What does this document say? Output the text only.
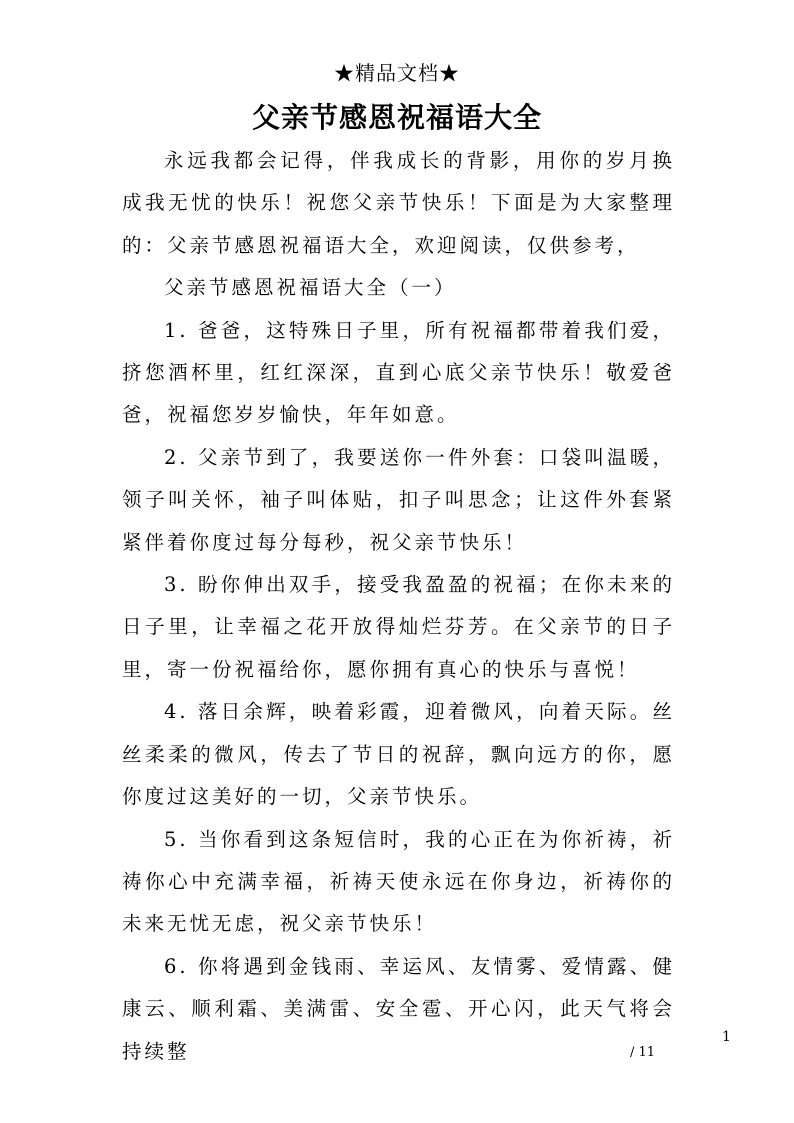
★精品文档★
父亲节感恩祝福语大全

永远我都会记得，伴我成长的背影，用你的岁月换成我无忧的快乐！祝您父亲节快乐！下面是为大家整理的：父亲节感恩祝福语大全，欢迎阅读，仅供参考，

父亲节感恩祝福语大全（一）

1. 爸爸，这特殊日子里，所有祝福都带着我们爱，挤您酒杯里，红红深深，直到心底父亲节快乐！敬爱爸爸，祝福您岁岁愉快，年年如意。

2. 父亲节到了，我要送你一件外套：口袋叫温暖，领子叫关怀，袖子叫体贴，扣子叫思念；让这件外套紧紧伴着你度过每分每秒，祝父亲节快乐！

3. 盼你伸出双手，接受我盈盈的祝福；在你未来的日子里，让幸福之花开放得灿烂芬芳。在父亲节的日子里，寄一份祝福给你，愿你拥有真心的快乐与喜悦！

4. 落日余辉，映着彩霞，迎着微风，向着天际。丝丝柔柔的微风，传去了节日的祝辞，飘向远方的你，愿你度过这美好的一切，父亲节快乐。

5. 当你看到这条短信时，我的心正在为你祈祷，祈祷你心中充满幸福，祈祷天使永远在你身边，祈祷你的未来无忧无虑，祝父亲节快乐！

6. 你将遇到金钱雨、幸运风、友情雾、爱情露、健康云、顺利霜、美满雷、安全雹、开心闪，此天气将会持续整

1
/ 11
